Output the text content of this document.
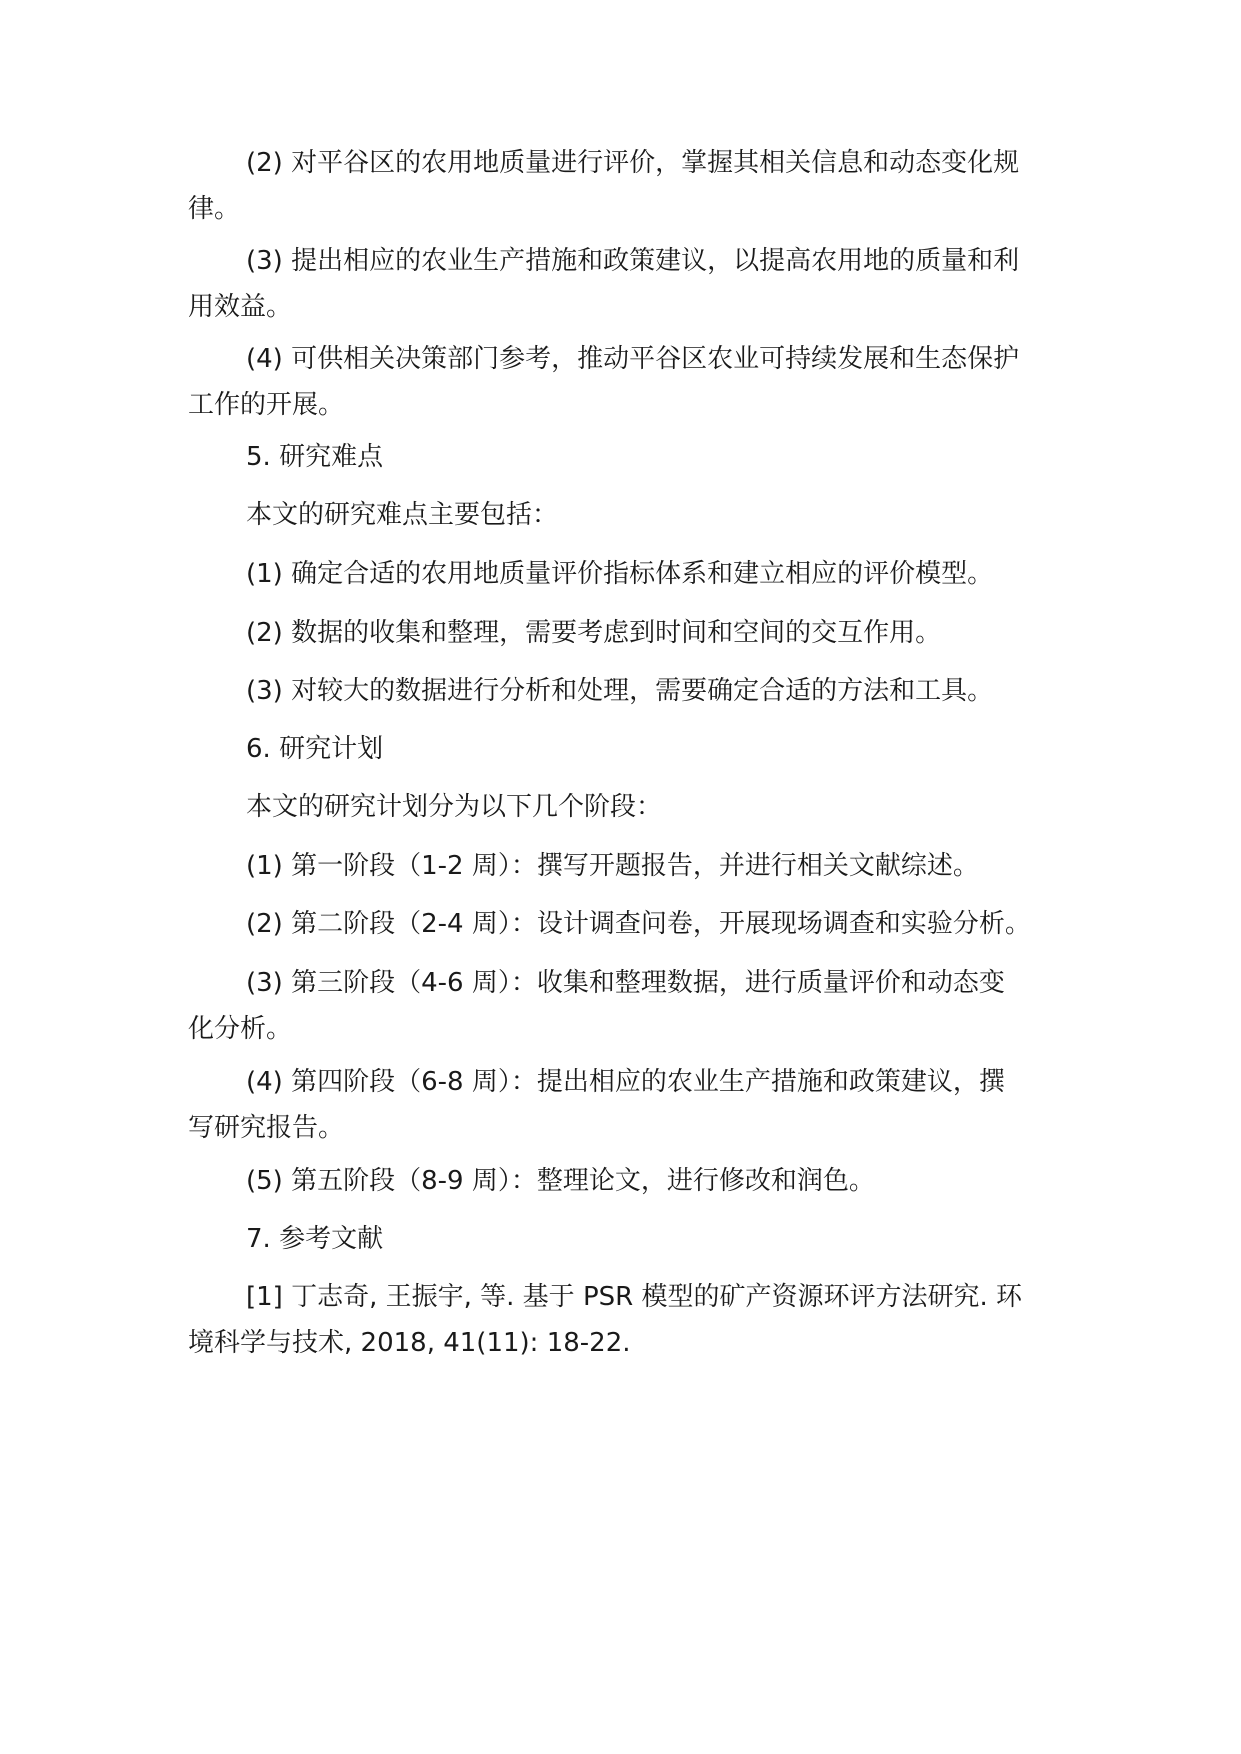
(2) 对平谷区的农用地质量进行评价，掌握其相关信息和动态变化规
律。

(3) 提出相应的农业生产措施和政策建议，以提高农用地的质量和利
用效益。

(4) 可供相关决策部门参考，推动平谷区农业可持续发展和生态保护
工作的开展。

5. 研究难点

本文的研究难点主要包括：

(1) 确定合适的农用地质量评价指标体系和建立相应的评价模型。

(2) 数据的收集和整理，需要考虑到时间和空间的交互作用。

(3) 对较大的数据进行分析和处理，需要确定合适的方法和工具。

6. 研究计划

本文的研究计划分为以下几个阶段：

(1) 第一阶段（1-2 周）：撰写开题报告，并进行相关文献综述。

(2) 第二阶段（2-4 周）：设计调查问卷，开展现场调查和实验分析。

(3) 第三阶段（4-6 周）：收集和整理数据，进行质量评价和动态变
化分析。

(4) 第四阶段（6-8 周）：提出相应的农业生产措施和政策建议，撰
写研究报告。

(5) 第五阶段（8-9 周）：整理论文，进行修改和润色。

7. 参考文献

[1] 丁志奇, 王振宇, 等. 基于 PSR 模型的矿产资源环评方法研究. 环
境科学与技术, 2018, 41(11): 18-22.
